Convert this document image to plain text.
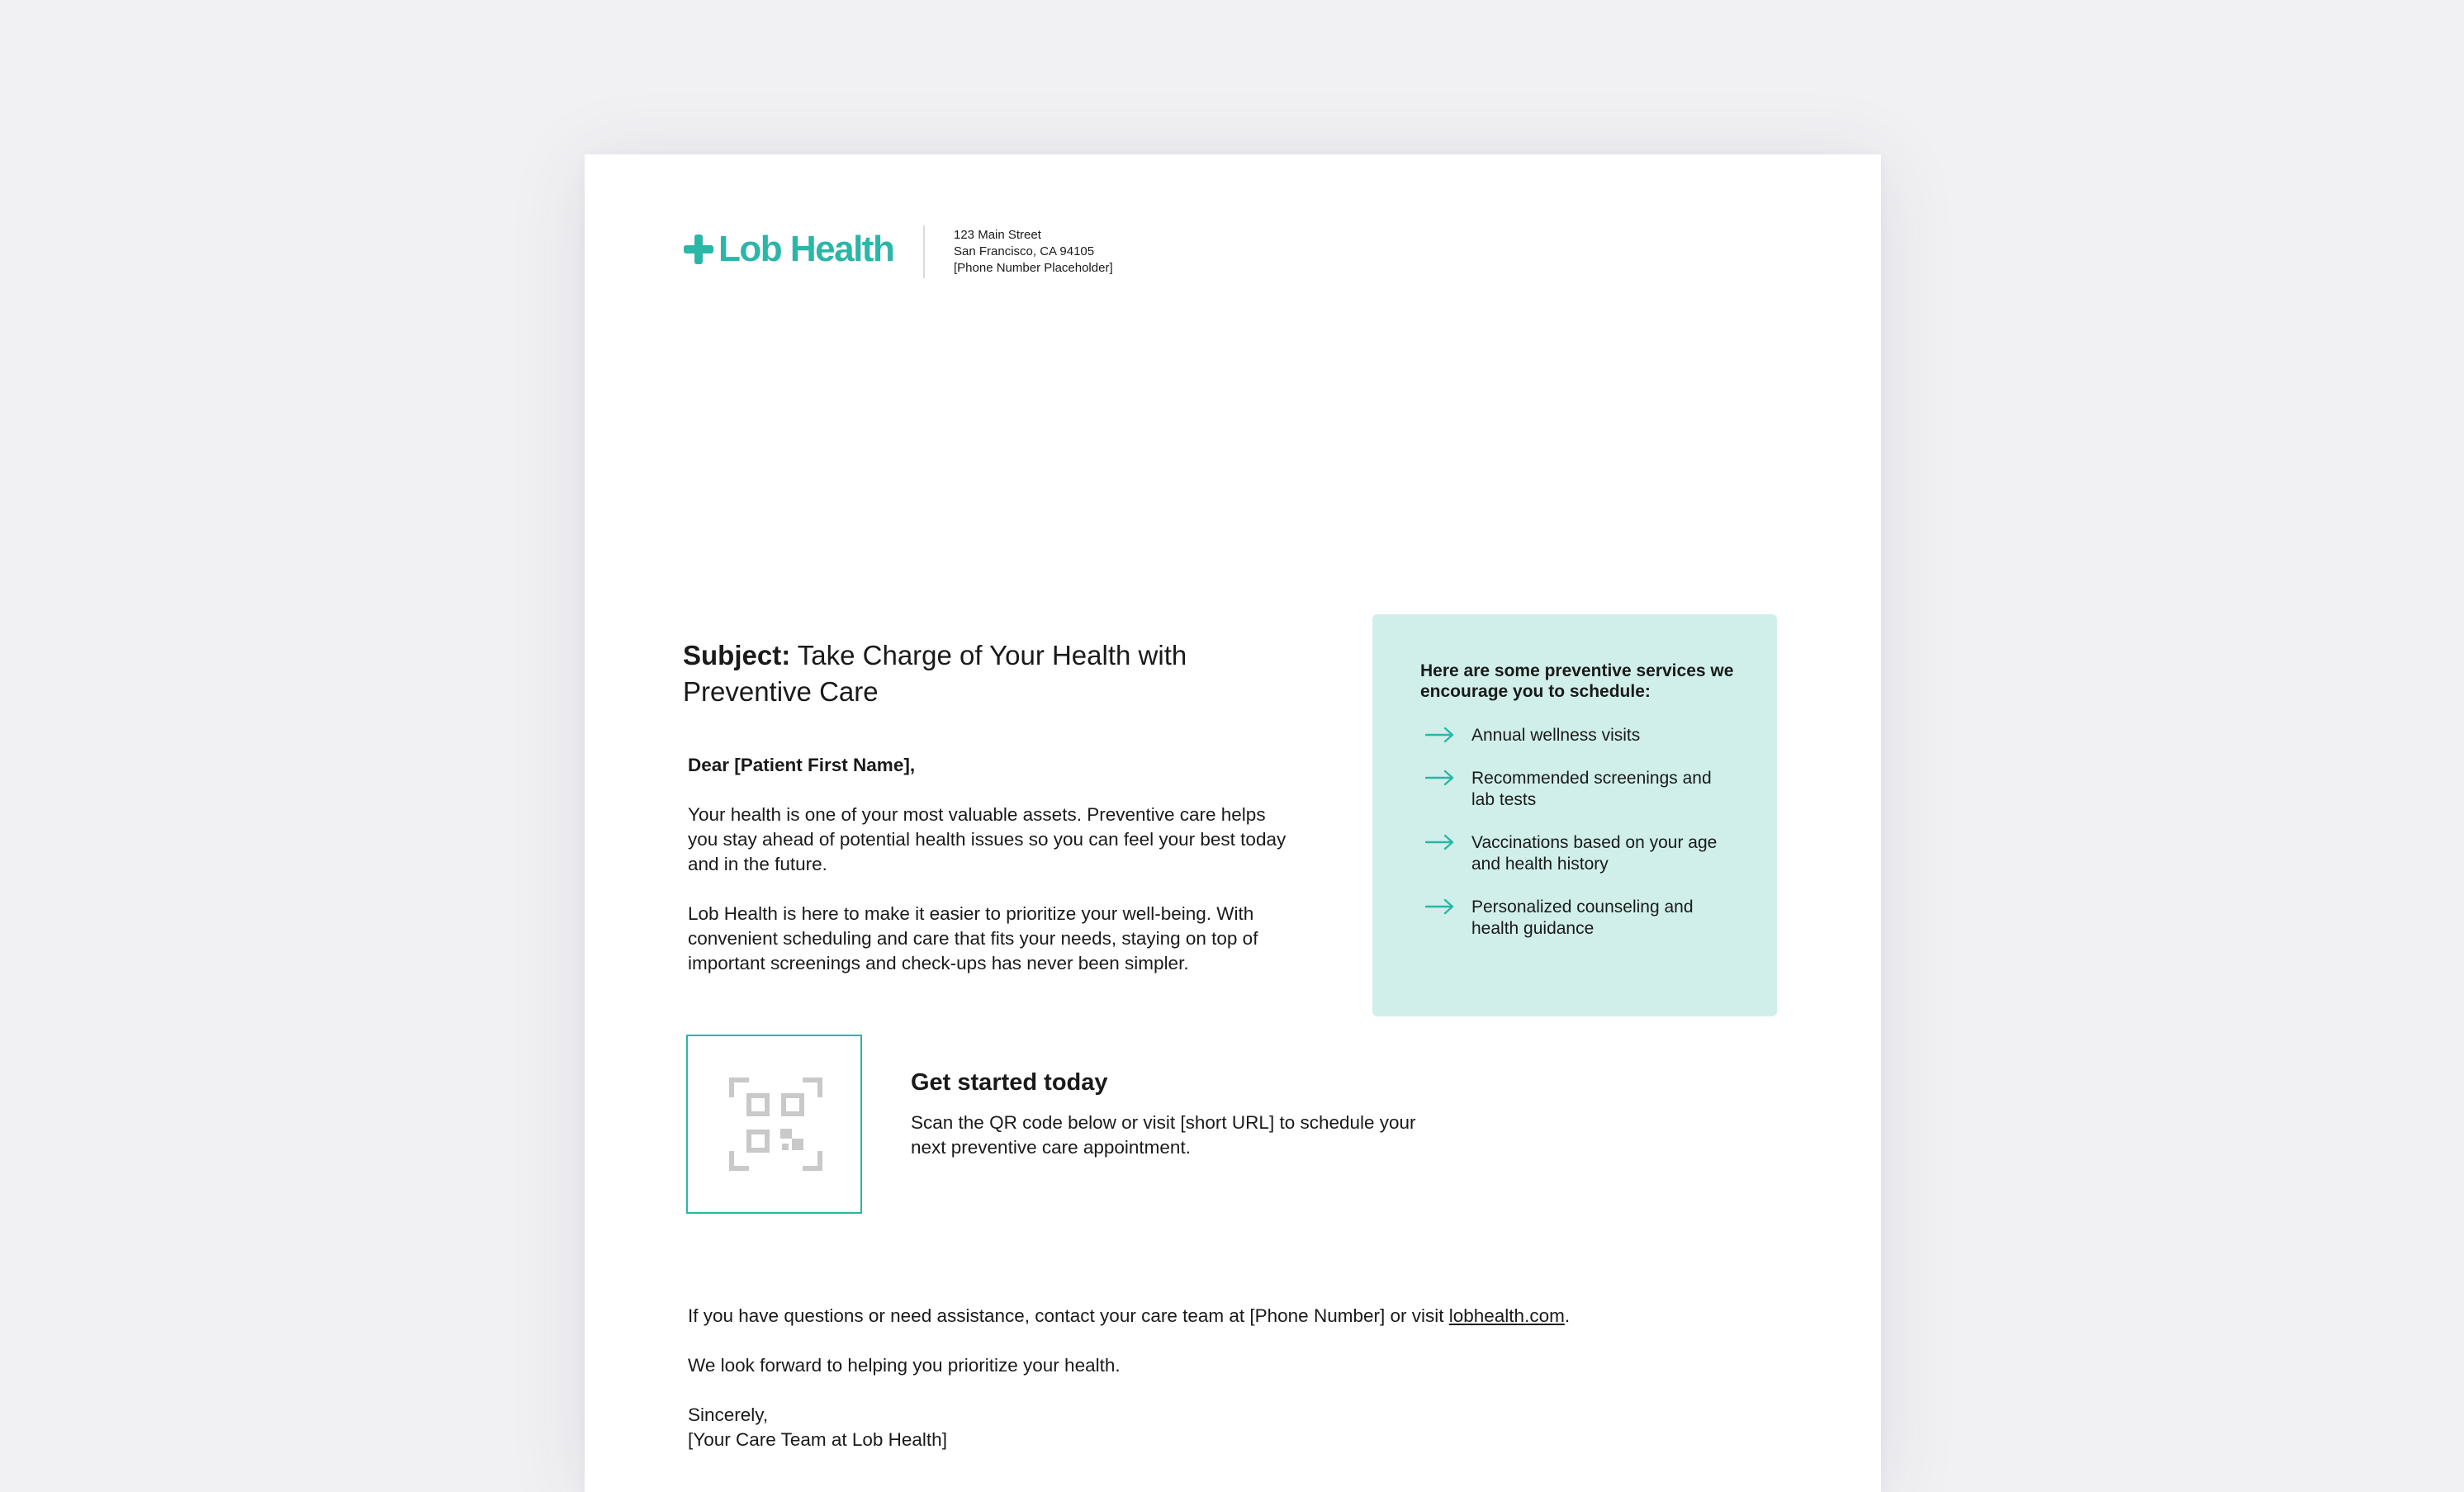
Lob Health	123 Main Street
San Francisco, CA 94105
[Phone Number Placeholder]
Subject: Take Charge of Your Health with Preventive Care

Dear [Patient First Name],

Your health is one of your most valuable assets. Preventive care helps you stay ahead of potential health issues so you can feel your best today and in the future.

Lob Health is here to make it easier to prioritize your well-being. With convenient scheduling and care that fits your needs, staying on top of important screenings and check-ups has never been simpler.

Here are some preventive services we encourage you to schedule:
Annual wellness visits
Recommended screenings and lab tests
Vaccinations based on your age and health history
Personalized counseling and health guidance
Get started today
Scan the QR code below or visit [short URL] to schedule your next preventive care appointment.

If you have questions or need assistance, contact your care team at [Phone Number] or visit lobhealth.com.

We look forward to helping you prioritize your health.

Sincerely,
[Your Care Team at Lob Health]
